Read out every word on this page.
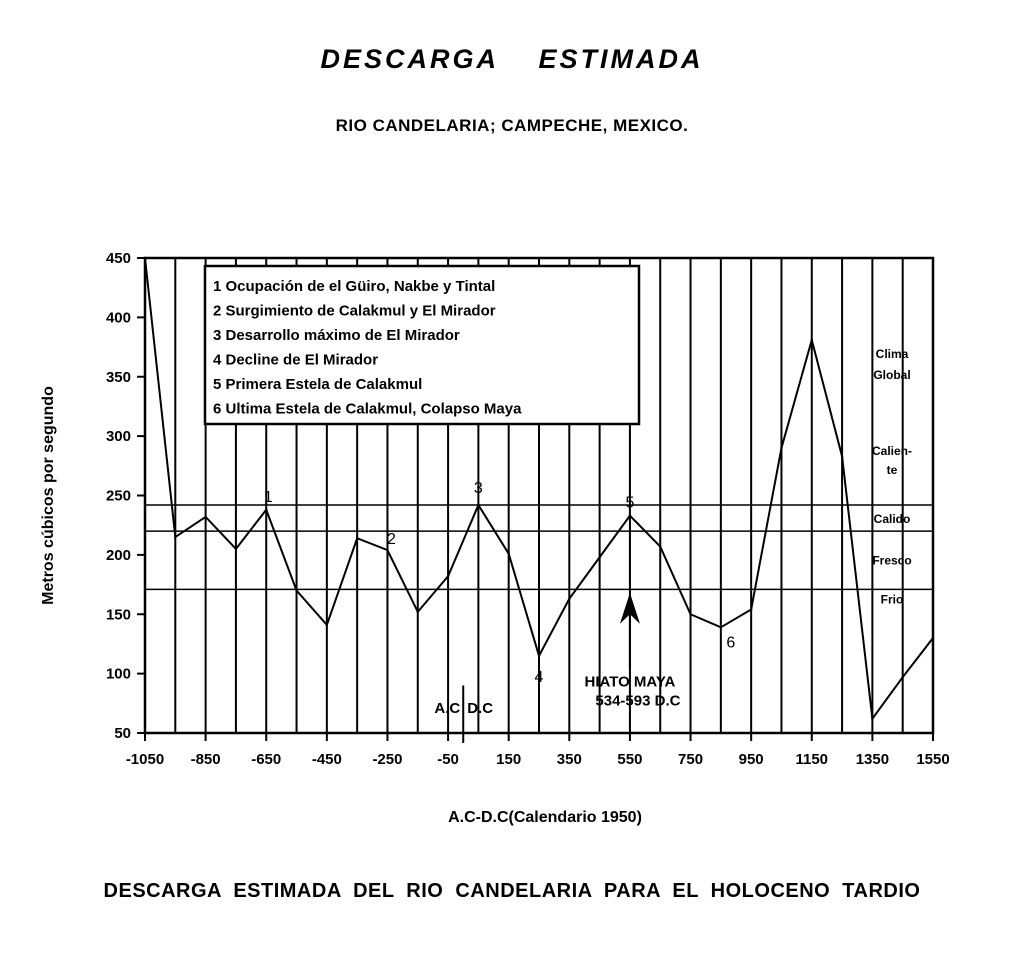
DESCARGA ESTIMADA
RIO CANDELARIA; CAMPECHE, MEXICO.
A.C D.C
HIATO MAYA
534-593 D.C
1
2
3
4
5
6
1 Ocupación de el Güiro, Nakbe y Tintal
2 Surgimiento de Calakmul y El Mirador
3 Desarrollo máximo de El Mirador
4 Decline de El Mirador
5 Primera Estela de Calakmul
6 Ultima Estela de Calakmul, Colapso Maya
Clima
Global
Calien-
te
Calido
Fresco
Frio
50
100
150
200
250
300
350
400
450
-1050 -850 -650 -450 -250 -50 150 350 550 750 950 1150 1350 1550
A.C-D.C(Calendario 1950)
Metros cúbicos por segundo
DESCARGA ESTIMADA DEL RIO CANDELARIA PARA EL HOLOCENO TARDIO
